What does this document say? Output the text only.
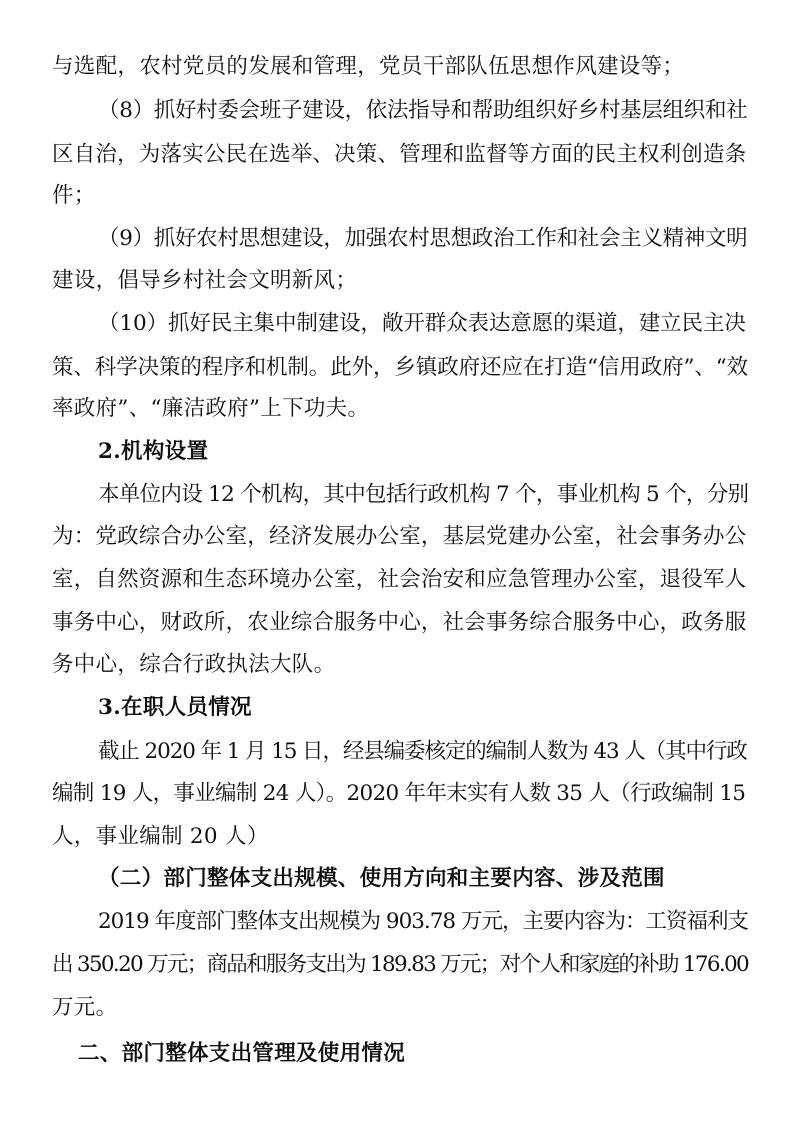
与选配，农村党员的发展和管理，党员干部队伍思想作风建设等；
（8）抓好村委会班子建设，依法指导和帮助组织好乡村基层组织和社
区自治，为落实公民在选举、决策、管理和监督等方面的民主权利创造条
件；
（9）抓好农村思想建设，加强农村思想政治工作和社会主义精神文明
建设，倡导乡村社会文明新风；
（10）抓好民主集中制建设，敞开群众表达意愿的渠道，建立民主决
策、科学决策的程序和机制。此外，乡镇政府还应在打造“信用政府”、“效
率政府”、“廉洁政府”上下功夫。
2.机构设置
本单位内设 12 个机构，其中包括行政机构 7 个，事业机构 5 个，分别
为：党政综合办公室，经济发展办公室，基层党建办公室，社会事务办公
室，自然资源和生态环境办公室，社会治安和应急管理办公室，退役军人
事务中心，财政所，农业综合服务中心，社会事务综合服务中心，政务服
务中心，综合行政执法大队。
3.在职人员情况
截止 2020 年 1 月 15 日，经县编委核定的编制人数为 43 人（其中行政
编制 19 人，事业编制 24 人）。2020 年年末实有人数 35 人（行政编制 15
人，事业编制 20 人）
（二）部门整体支出规模、使用方向和主要内容、涉及范围
2019 年度部门整体支出规模为 903.78 万元，主要内容为：工资福利支
出 350.20 万元；商品和服务支出为 189.83 万元；对个人和家庭的补助 176.00
万元。
二、部门整体支出管理及使用情况
